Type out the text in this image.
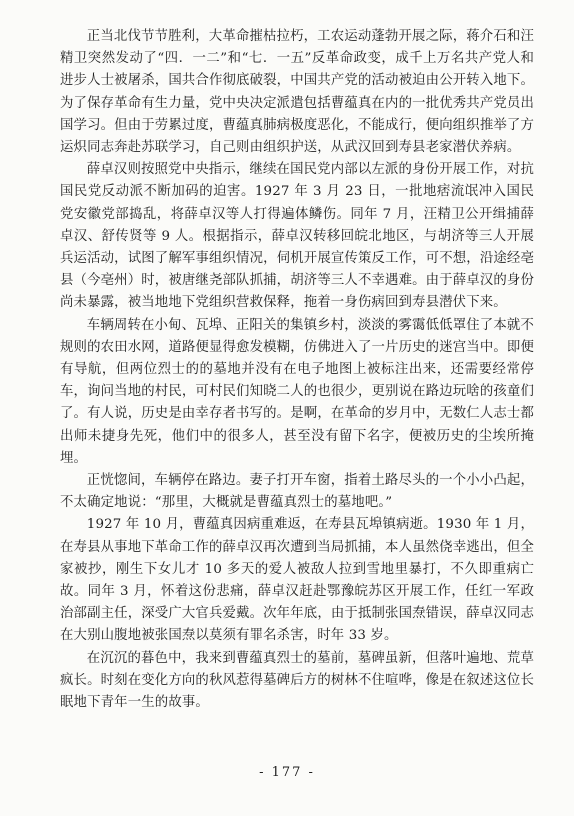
正当北伐节节胜利，大革命摧枯拉朽，工农运动蓬勃开展之际，蒋介石和汪精卫突然发动了“四．一二”和“七．一五”反革命政变，成千上万名共产党人和进步人士被屠杀，国共合作彻底破裂，中国共产党的活动被迫由公开转入地下。为了保存革命有生力量，党中央决定派遣包括曹蕴真在内的一批优秀共产党员出国学习。但由于劳累过度，曹蕴真肺病极度恶化，不能成行，便向组织推举了方运炽同志奔赴苏联学习，自己则由组织护送，从武汉回到寿县老家潜伏养病。

薛卓汉则按照党中央指示，继续在国民党内部以左派的身份开展工作，对抗国民党反动派不断加码的迫害。1927 年 3 月 23 日，一批地痞流氓冲入国民党安徽党部捣乱，将薛卓汉等人打得遍体鳞伤。同年 7 月，汪精卫公开缉捕薛卓汉、舒传贤等 9 人。根据指示，薛卓汉转移回皖北地区，与胡济等三人开展兵运活动，试图了解军事组织情况，伺机开展宣传策反工作，可不想，沿途经亳县（今亳州）时，被唐继尧部队抓捕，胡济等三人不幸遇难。由于薛卓汉的身份尚未暴露，被当地地下党组织营救保释，拖着一身伤病回到寿县潜伏下来。

车辆周转在小甸、瓦埠、正阳关的集镇乡村，淡淡的雾霭低低罩住了本就不规则的农田水网，道路便显得愈发模糊，仿佛进入了一片历史的迷宫当中。即便有导航，但两位烈士的的墓地并没有在电子地图上被标注出来，还需要经常停车，询问当地的村民，可村民们知晓二人的也很少，更别说在路边玩啥的孩童们了。有人说，历史是由幸存者书写的。是啊，在革命的岁月中，无数仁人志士都出师未捷身先死，他们中的很多人，甚至没有留下名字，便被历史的尘埃所掩埋。

正恍惚间，车辆停在路边。妻子打开车窗，指着土路尽头的一个小小凸起，不太确定地说：“那里，大概就是曹蕴真烈士的墓地吧。”

1927 年 10 月，曹蕴真因病重难返，在寿县瓦埠镇病逝。1930 年 1 月，在寿县从事地下革命工作的薛卓汉再次遭到当局抓捕，本人虽然侥幸逃出，但全家被抄，刚生下女儿才 10 多天的爱人被敌人拉到雪地里暴打，不久即重病亡故。同年 3 月，怀着这份悲痛，薛卓汉赶赴鄂豫皖苏区开展工作，任红一军政治部副主任，深受广大官兵爱戴。次年年底，由于抵制张国焘错误，薛卓汉同志在大别山腹地被张国焘以莫须有罪名杀害，时年 33 岁。

在沉沉的暮色中，我来到曹蕴真烈士的墓前，墓碑虽新，但落叶遍地、荒草疯长。时刻在变化方向的秋风惹得墓碑后方的树林不住喧哗，像是在叙述这位长眠地下青年一生的故事。

- 177 -
